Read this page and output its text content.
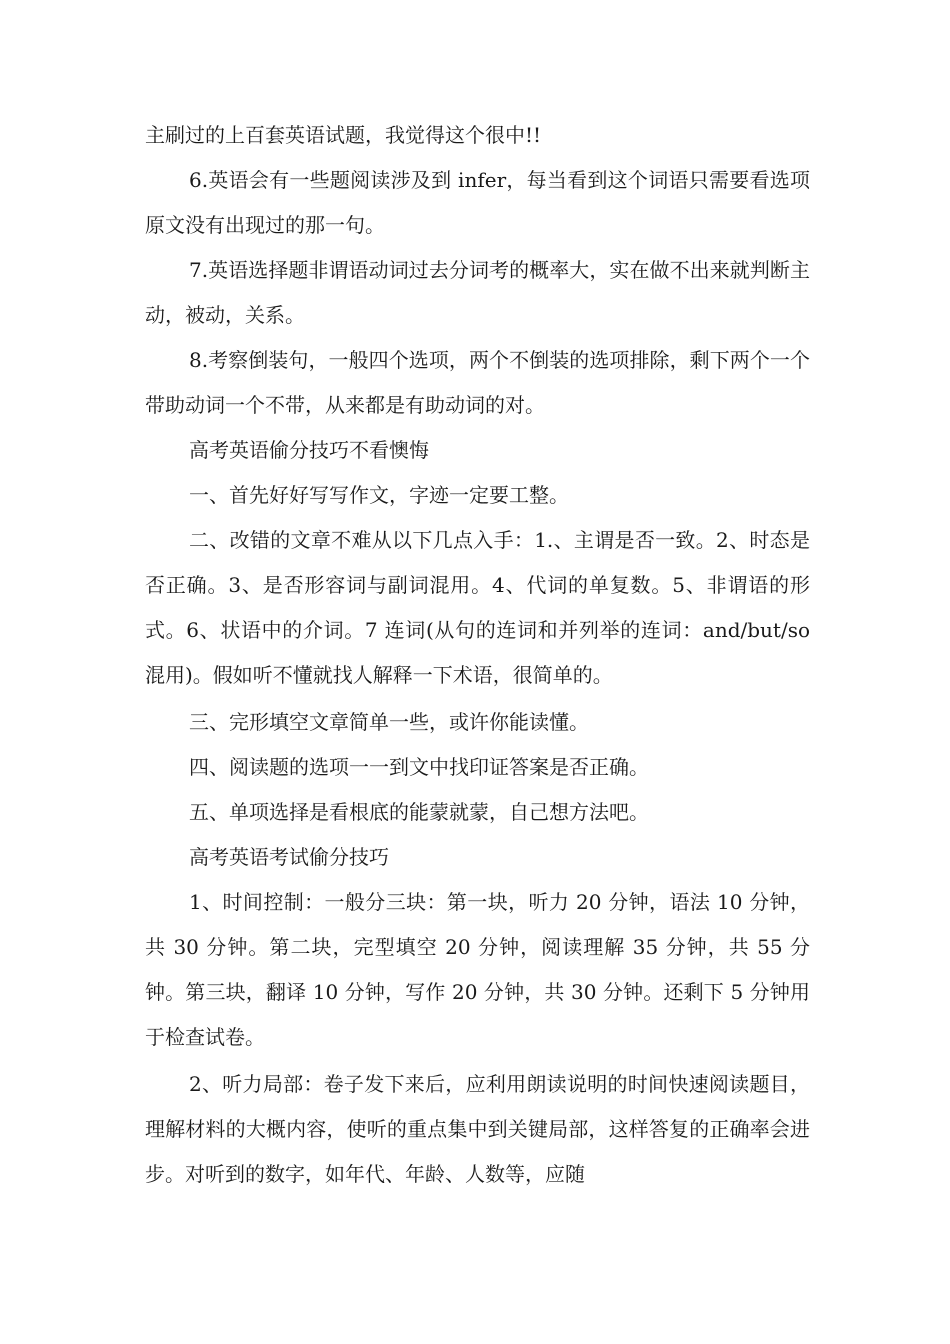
主刷过的上百套英语试题，我觉得这个很中!!

6.英语会有一些题阅读涉及到 infer，每当看到这个词语只需要看选项原文没有出现过的那一句。

7.英语选择题非谓语动词过去分词考的概率大，实在做不出来就判断主动，被动，关系。

8.考察倒装句，一般四个选项，两个不倒装的选项排除，剩下两个一个带助动词一个不带，从来都是有助动词的对。

高考英语偷分技巧不看懊悔

一、首先好好写写作文，字迹一定要工整。

二、改错的文章不难从以下几点入手：1.、主谓是否一致。2、时态是否正确。3、是否形容词与副词混用。4、代词的单复数。5、非谓语的形式。6、状语中的介词。7 连词(从句的连词和并列举的连词：and/but/so 混用)。假如听不懂就找人解释一下术语，很简单的。

三、完形填空文章简单一些，或许你能读懂。

四、阅读题的选项一一到文中找印证答案是否正确。

五、单项选择是看根底的能蒙就蒙，自己想方法吧。

高考英语考试偷分技巧

1、时间控制：一般分三块：第一块，听力 20 分钟，语法 10 分钟，共 30 分钟。第二块，完型填空 20 分钟，阅读理解 35 分钟，共 55 分钟。第三块，翻译 10 分钟，写作 20 分钟，共 30 分钟。还剩下 5 分钟用于检查试卷。

2、听力局部：卷子发下来后，应利用朗读说明的时间快速阅读题目，理解材料的大概内容，使听的重点集中到关键局部，这样答复的正确率会进步。对听到的数字，如年代、年龄、人数等，应随
